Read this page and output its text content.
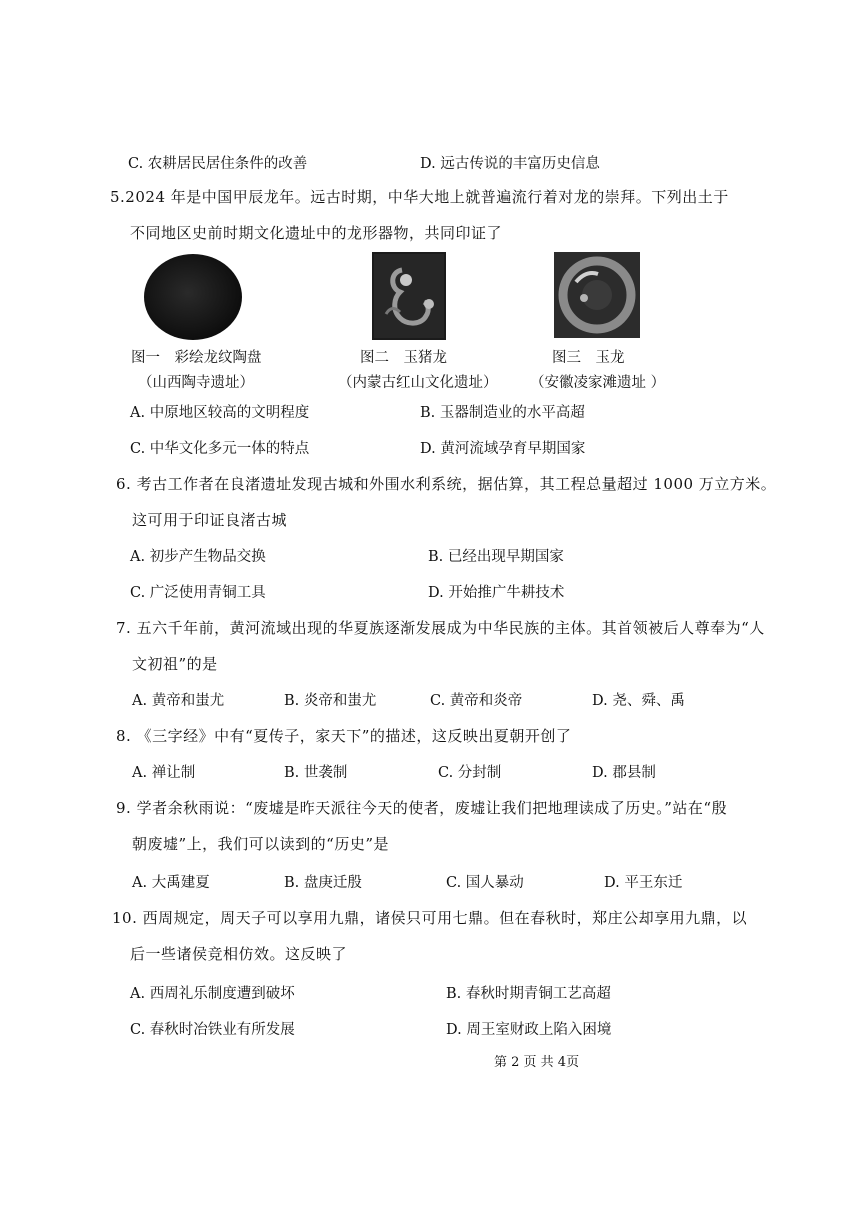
C. 农耕居民居住条件的改善	D. 远古传说的丰富历史信息
5.2024 年是中国甲辰龙年。远古时期，中华大地上就普遍流行着对龙的崇拜。下列出土于
不同地区史前时期文化遗址中的龙形器物，共同印证了
图一　彩绘龙纹陶盘
（山西陶寺遗址）
图二　玉猪龙
（内蒙古红山文化遗址）
图三　玉龙
（安徽凌家滩遗址 ）
A. 中原地区较高的文明程度	B. 玉器制造业的水平高超
C. 中华文化多元一体的特点	D. 黄河流域孕育早期国家
6. 考古工作者在良渚遗址发现古城和外围水利系统，据估算，其工程总量超过 1000 万立方米。
这可用于印证良渚古城
A. 初步产生物品交换	B. 已经出现早期国家
C. 广泛使用青铜工具	D. 开始推广牛耕技术
7. 五六千年前，黄河流域出现的华夏族逐渐发展成为中华民族的主体。其首领被后人尊奉为“人
文初祖”的是
A. 黄帝和蚩尤	B. 炎帝和蚩尤	C. 黄帝和炎帝	D. 尧、舜、禹
8. 《三字经》中有“夏传子，家天下”的描述，这反映出夏朝开创了
A. 禅让制	B. 世袭制	C. 分封制	D. 郡县制
9. 学者余秋雨说：“废墟是昨天派往今天的使者，废墟让我们把地理读成了历史。”站在“殷
朝废墟”上，我们可以读到的“历史”是
A. 大禹建夏	B. 盘庚迁殷	C. 国人暴动	D. 平王东迁
10. 西周规定，周天子可以享用九鼎，诸侯只可用七鼎。但在春秋时，郑庄公却享用九鼎，以
后一些诸侯竞相仿效。这反映了
A. 西周礼乐制度遭到破坏	B. 春秋时期青铜工艺高超
C. 春秋时冶铁业有所发展	D. 周王室财政上陷入困境
第 2 页 共 4页
